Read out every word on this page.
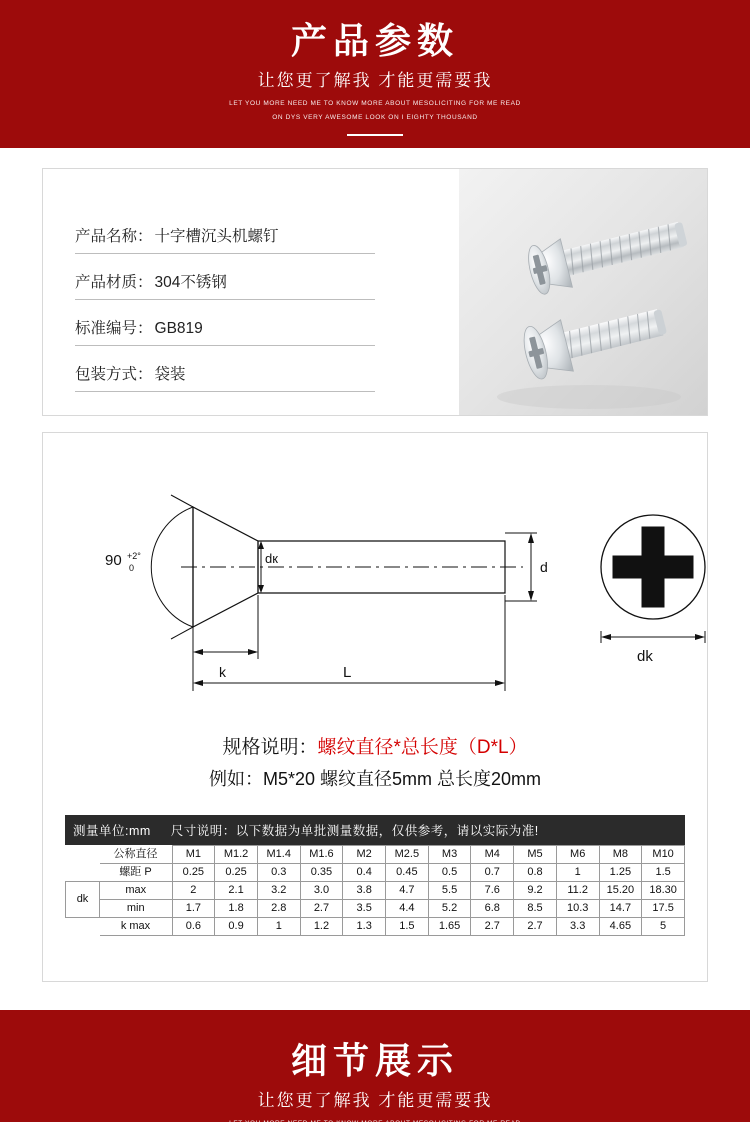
产品参数
让您更了解我 才能更需要我
LET YOU MORE NEED ME TO KNOW MORE ABOUT MESOLICITING FOR ME READ
ON DYS VERY AWESOME LOOK ON I EIGHTY THOUSAND
产品名称： 十字槽沉头机螺钉
产品材质： 304不锈钢
标准编号： GB819
包装方式： 袋装
90 +2°
0
dк
d
k	L
dk
规格说明：螺纹直径*总长度（D*L）
例如：M5*20 螺纹直径5mm 总长度20mm
测量单位:mm 尺寸说明：以下数据为单批测量数据，仅供参考，请以实际为准!
	公称直径	M1	M1.2	M1.4	M1.6	M2	M2.5	M3	M4	M5	M6	M8	M10
	螺距 P	0.25	0.25	0.3	0.35	0.4	0.45	0.5	0.7	0.8	1	1.25	1.5
dk	max	2	2.1	3.2	3.0	3.8	4.7	5.5	7.6	9.2	11.2	15.20	18.30
	min	1.7	1.8	2.8	2.7	3.5	4.4	5.2	6.8	8.5	10.3	14.7	17.5
	k max	0.6	0.9	1	1.2	1.3	1.5	1.65	2.7	2.7	3.3	4.65	5
细节展示
让您更了解我 才能更需要我
LET YOU MORE NEED ME TO KNOW MORE ABOUT MESOLICITING FOR ME READ
ON DYS VERY AWESOME LOOK ON I EIGHTY THOUSAND
